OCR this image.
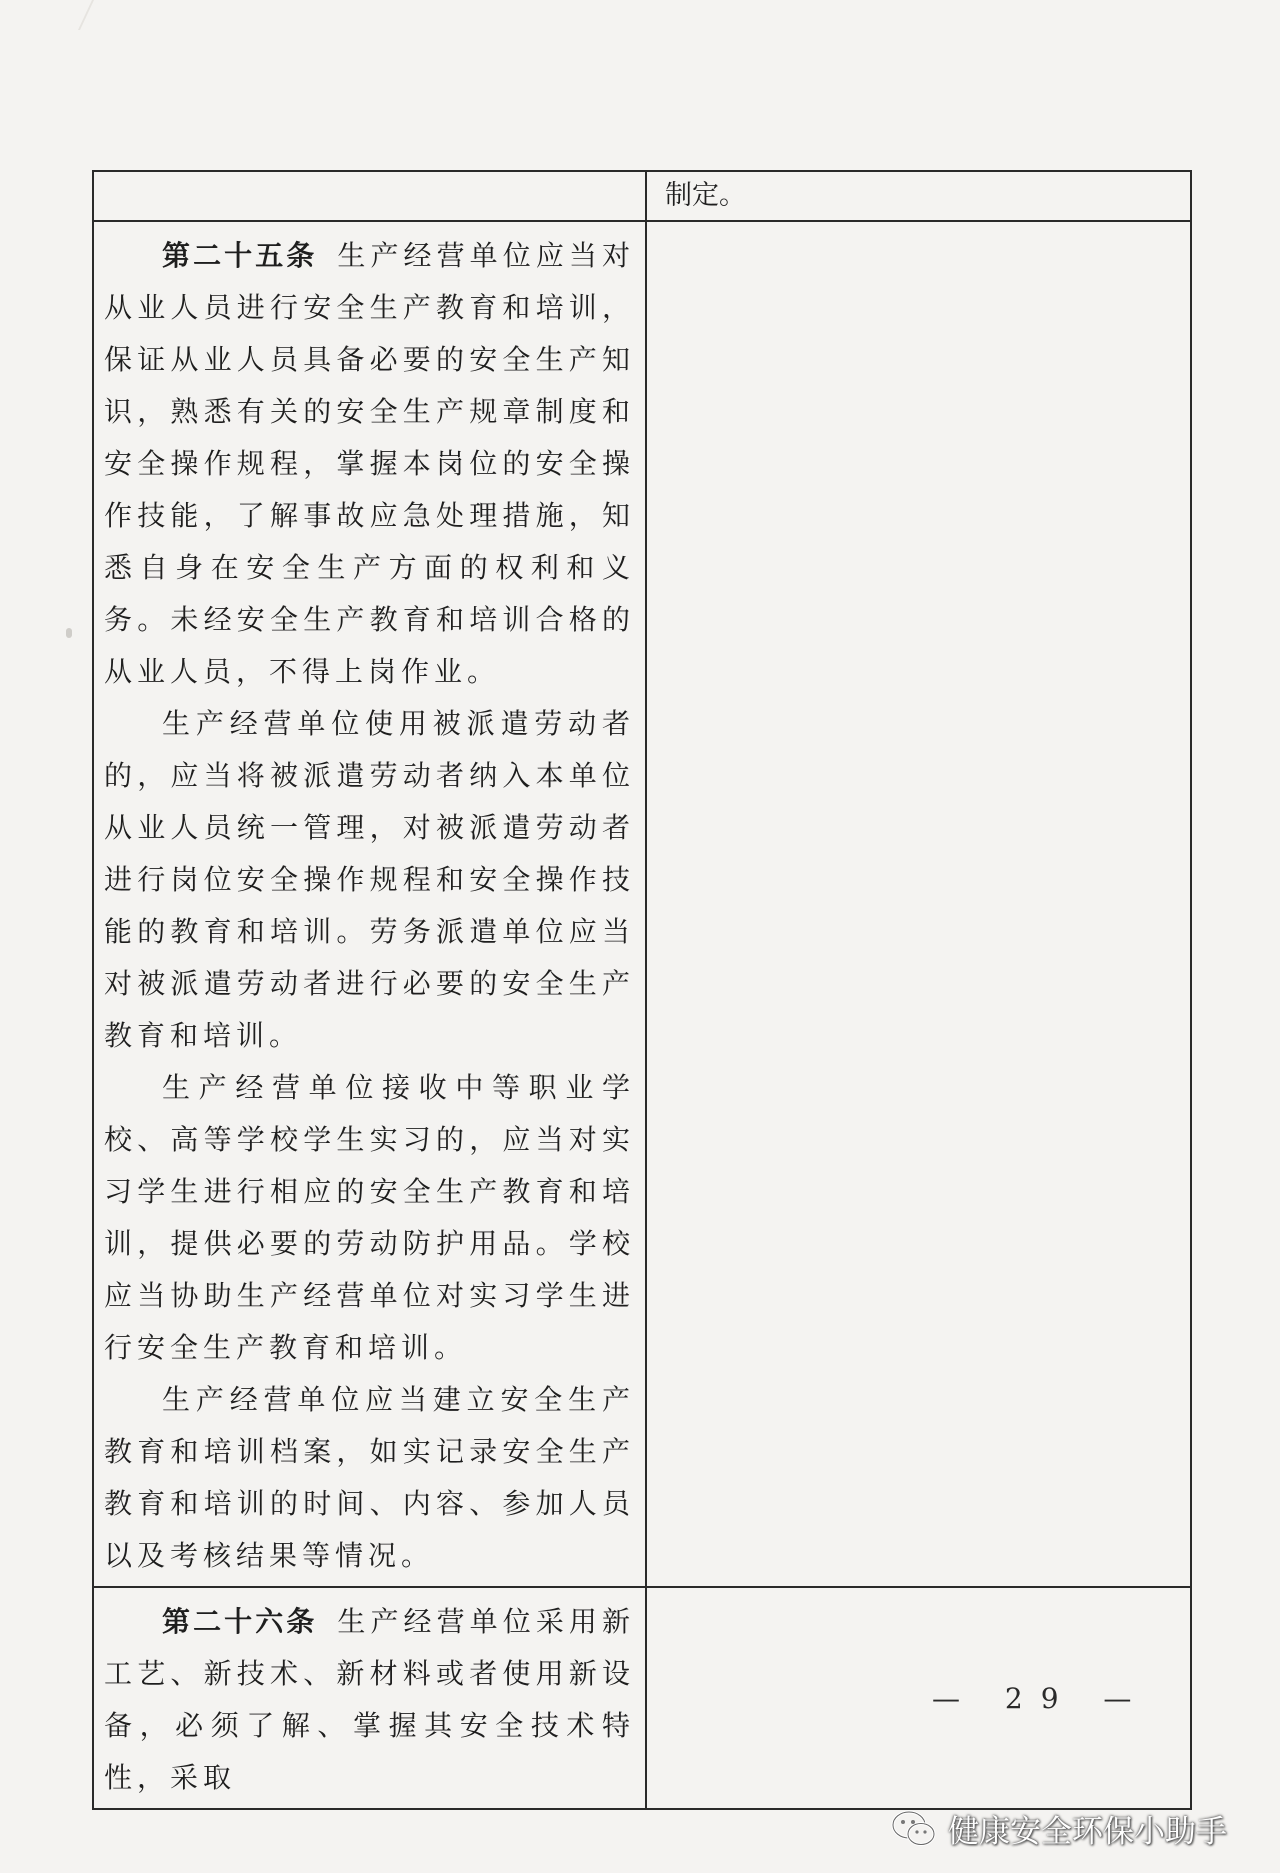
	制定。

第二十五条 生产经营单位应当对从业人员进行安全生产教育和培训，保证从业人员具备必要的安全生产知识，熟悉有关的安全生产规章制度和安全操作规程，掌握本岗位的安全操作技能，了解事故应急处理措施，知悉自身在安全生产方面的权利和义务。未经安全生产教育和培训合格的从业人员，不得上岗作业。

生产经营单位使用被派遣劳动者的，应当将被派遣劳动者纳入本单位从业人员统一管理，对被派遣劳动者进行岗位安全操作规程和安全操作技能的教育和培训。劳务派遣单位应当对被派遣劳动者进行必要的安全生产教育和培训。

生产经营单位接收中等职业学校、高等学校学生实习的，应当对实习学生进行相应的安全生产教育和培训，提供必要的劳动防护用品。学校应当协助生产经营单位对实习学生进行安全生产教育和培训。

生产经营单位应当建立安全生产教育和培训档案，如实记录安全生产教育和培训的时间、内容、参加人员以及考核结果等情况。	

第二十六条 生产经营单位采用新工艺、新技术、新材料或者使用新设备，必须了解、掌握其安全技术特性，采取	

— 29 —
健康安全环保小助手
